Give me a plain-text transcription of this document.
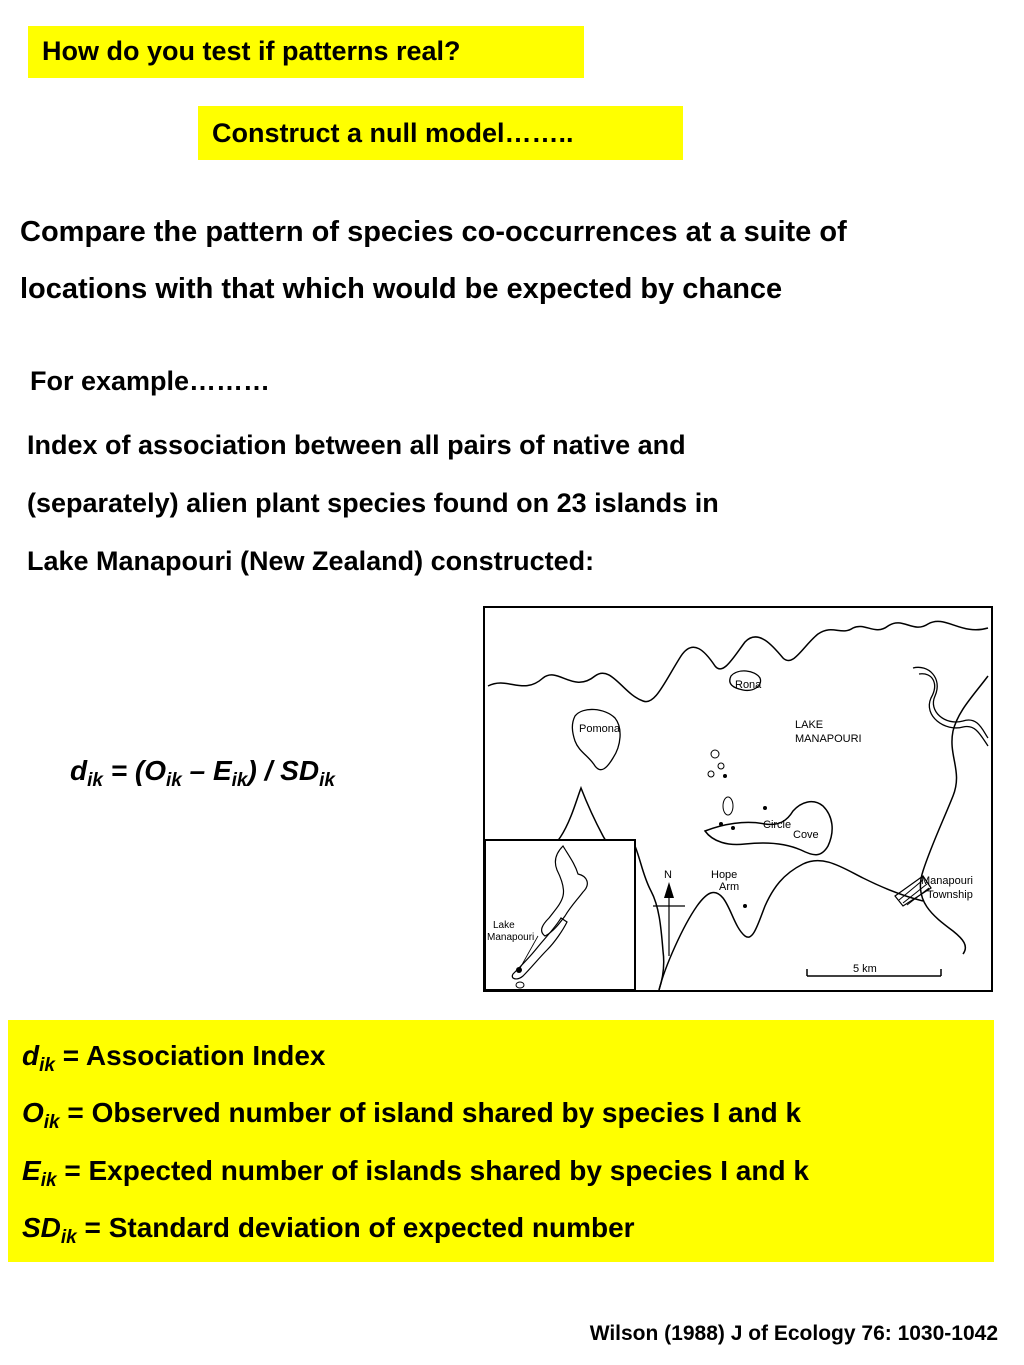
How do you test if patterns real?
Construct a null model……..
Compare the pattern of species co-occurrences at a suite of
locations with that which would be expected by chance
For example………
Index of association between all pairs of native and
(separately) alien plant species found on 23 islands in
Lake Manapouri (New Zealand) constructed:
$d_{ik} = (O_{ik} - E_{ik}) / SD_{ik}$
Rona
Pomona	LAKE
MANAPOURI
Circle
Cove
Hope
Arm	Manapouri
Township
N
5 km
Lake
Manapouri
$d_{ik}$ = Association Index
$O_{ik}$ = Observed number of island shared by species I and k
$E_{ik}$ = Expected number of islands shared by species I and k
$SD_{ik}$ = Standard deviation of expected number
Wilson (1988) J of Ecology 76: 1030-1042
